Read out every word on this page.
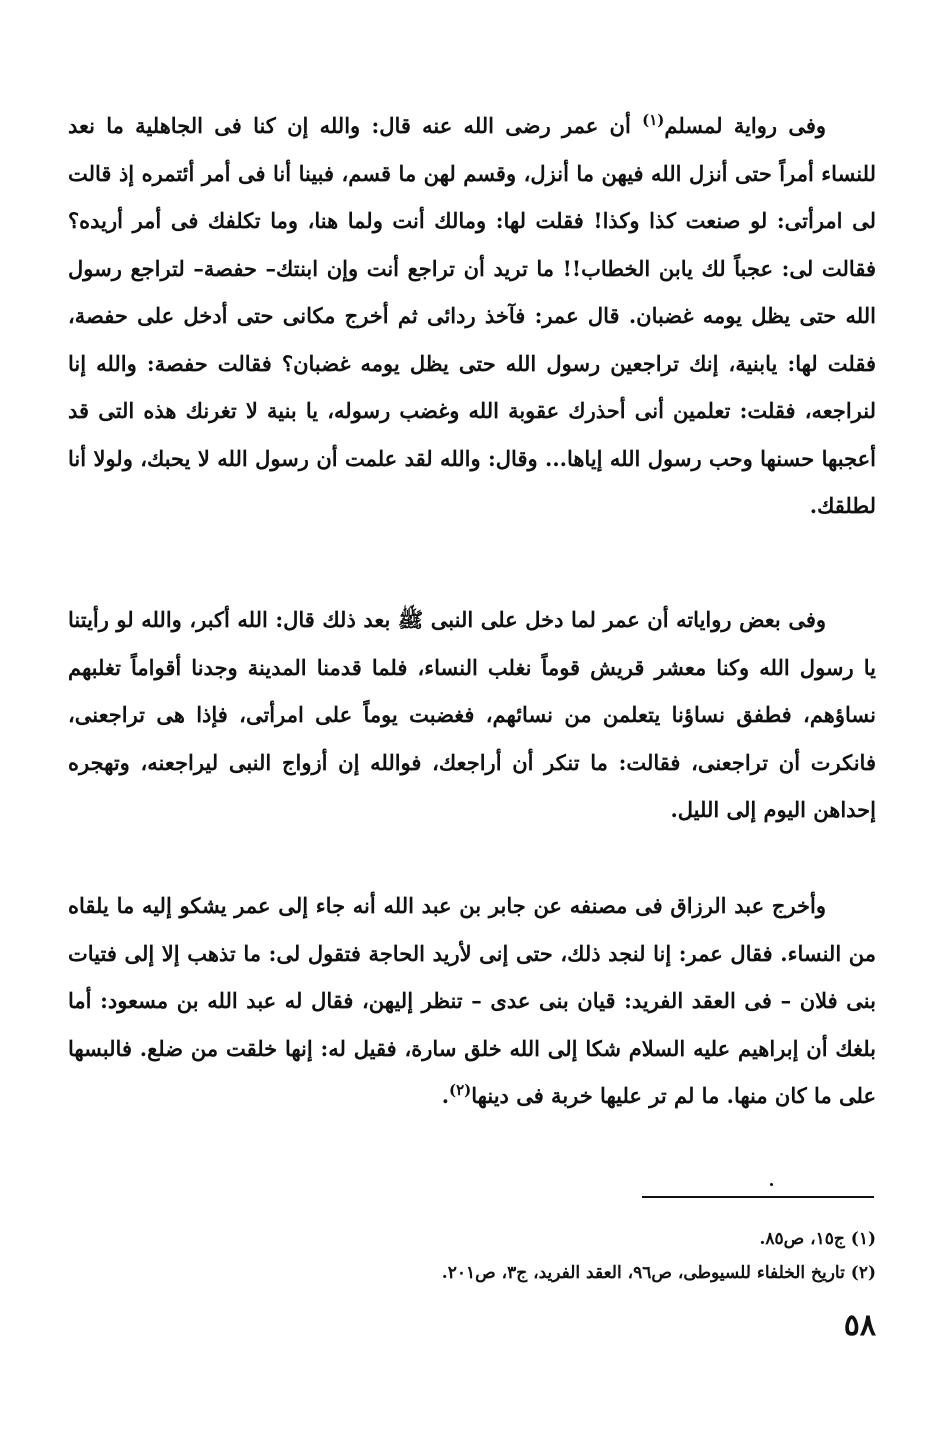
وفى رواية لمسلم$^{(١)}$ أن عمر رضى الله عنه قال: والله إن كنا فى الجاهلية ما نعد للنساء أمراً حتى أنزل الله فيهن ما أنزل، وقسم لهن ما قسم، فبينا أنا فى أمر أئتمره إذ قالت لى امرأتى: لو صنعت كذا وكذا! فقلت لها: ومالك أنت ولما هنا، وما تكلفك فى أمر أريده؟ فقالت لى: عجباً لك يابن الخطاب!! ما تريد أن تراجع أنت وإن ابنتك– حفصة– لتراجع رسول الله حتى يظل يومه غضبان. قال عمر: فآخذ ردائى ثم أخرج مكانى حتى أدخل على حفصة، فقلت لها: يابنية، إنك تراجعين رسول الله حتى يظل يومه غضبان؟ فقالت حفصة: والله إنا لنراجعه، فقلت: تعلمين أنى أحذرك عقوبة الله وغضب رسوله، يا بنية لا تغرنك هذه التى قد أعجبها حسنها وحب رسول الله إياها... وقال: والله لقد علمت أن رسول الله لا يحبك، ولولا أنا لطلقك.

وفى بعض رواياته أن عمر لما دخل على النبى ﷺ بعد ذلك قال: الله أكبر، والله لو رأيتنا يا رسول الله وكنا معشر قريش قوماً نغلب النساء، فلما قدمنا المدينة وجدنا أقواماً تغلبهم نساؤهم، فطفق نساؤنا يتعلمن من نسائهم، فغضبت يوماً على امرأتى، فإذا هى تراجعنى، فانكرت أن تراجعنى، فقالت: ما تنكر أن أراجعك، فوالله إن أزواج النبى ليراجعنه، وتهجره إحداهن اليوم إلى الليل.

وأخرج عبد الرزاق فى مصنفه عن جابر بن عبد الله أنه جاء إلى عمر يشكو إليه ما يلقاه من النساء. فقال عمر: إنا لنجد ذلك، حتى إنى لأريد الحاجة فتقول لى: ما تذهب إلا إلى فتيات بنى فلان – فى العقد الفريد: قيان بنى عدى – تنظر إليهن، فقال له عبد الله بن مسعود: أما بلغك أن إبراهيم عليه السلام شكا إلى الله خلق سارة، فقيل له: إنها خلقت من ضلع. فالبسها على ما كان منها. ما لم تر عليها خربة فى دينها$^{(٢)}$.

(١) ج١٥، ص٨٥.

(٢) تاريخ الخلفاء للسيوطى، ص٩٦، العقد الفريد، ج٣، ص٢٠١.

٥٨
